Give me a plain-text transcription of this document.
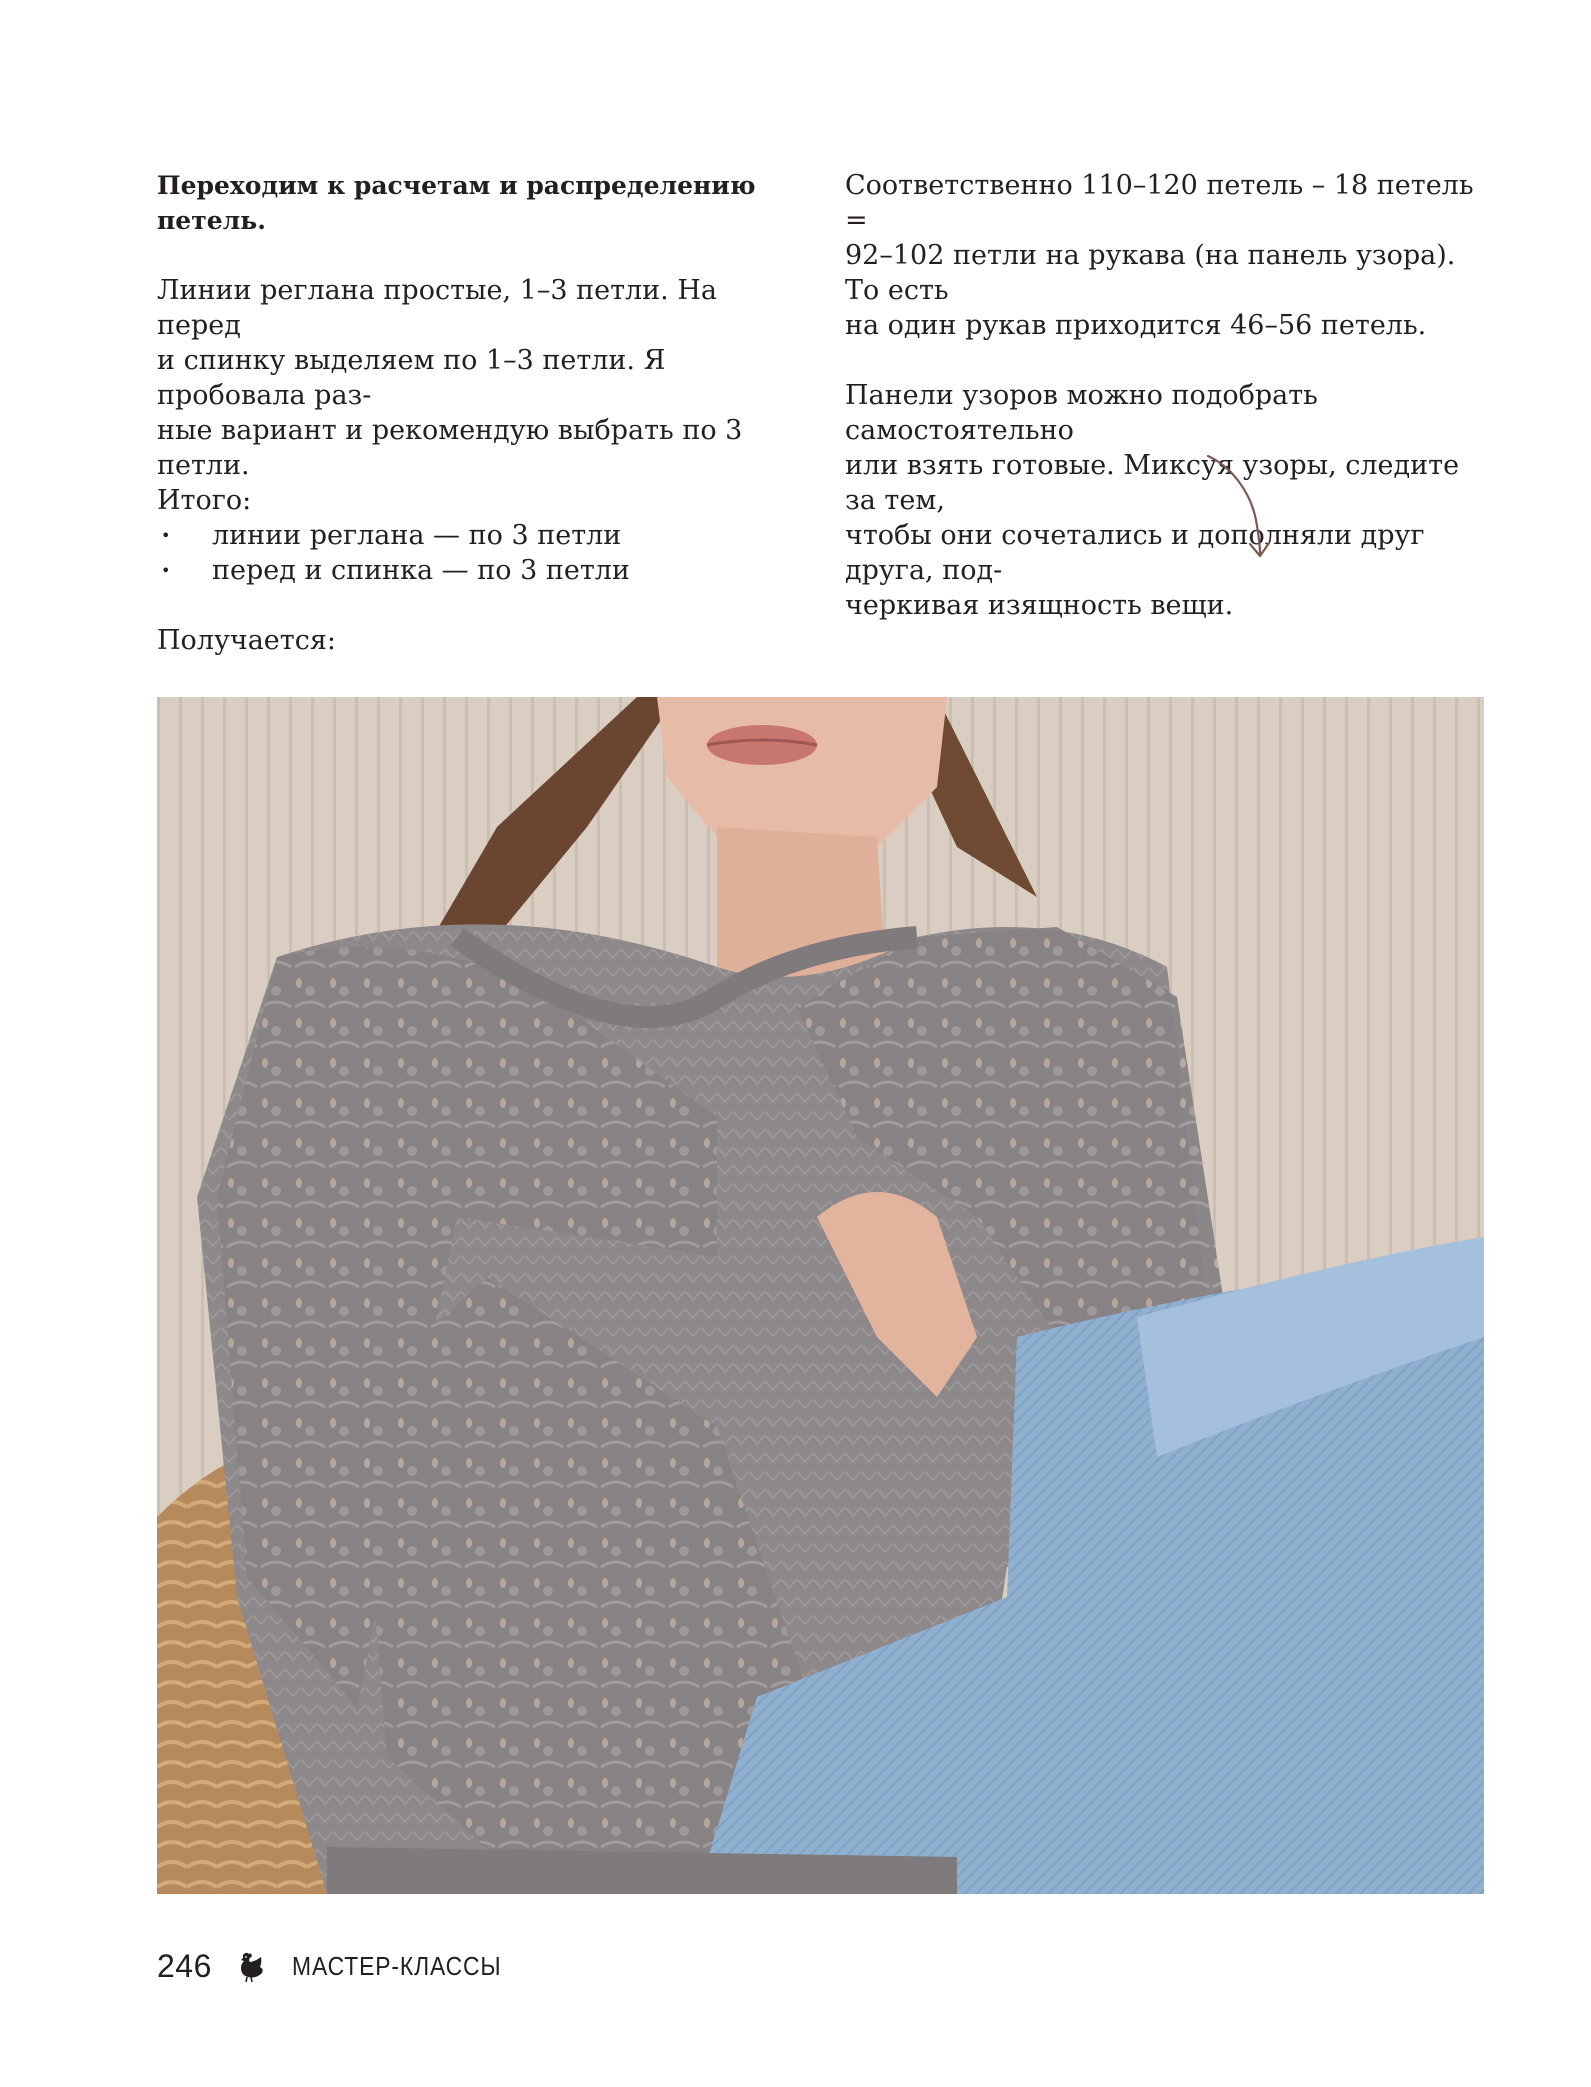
Переходим к расчетам и распределению петель.

Линии реглана простые, 1–3 петли. На перед

и спинку выделяем по 1–3 петли. Я пробовала раз-

ные вариант и рекомендую выбрать по 3 петли.

Итого:

• линии реглана — по 3 петли
• перед и спинка — по 3 петли

Получается:

Соответственно 110–120 петель – 18 петель =

92–102 петли на рукава (на панель узора). То есть

на один рукав приходится 46–56 петель.

Панели узоров можно подобрать самостоятельно

или взять готовые. Миксуя узоры, следите за тем,

чтобы они сочетались и дополняли друг друга, под-

черкивая изящность вещи.

246	МАСТЕР-КЛАССЫ
